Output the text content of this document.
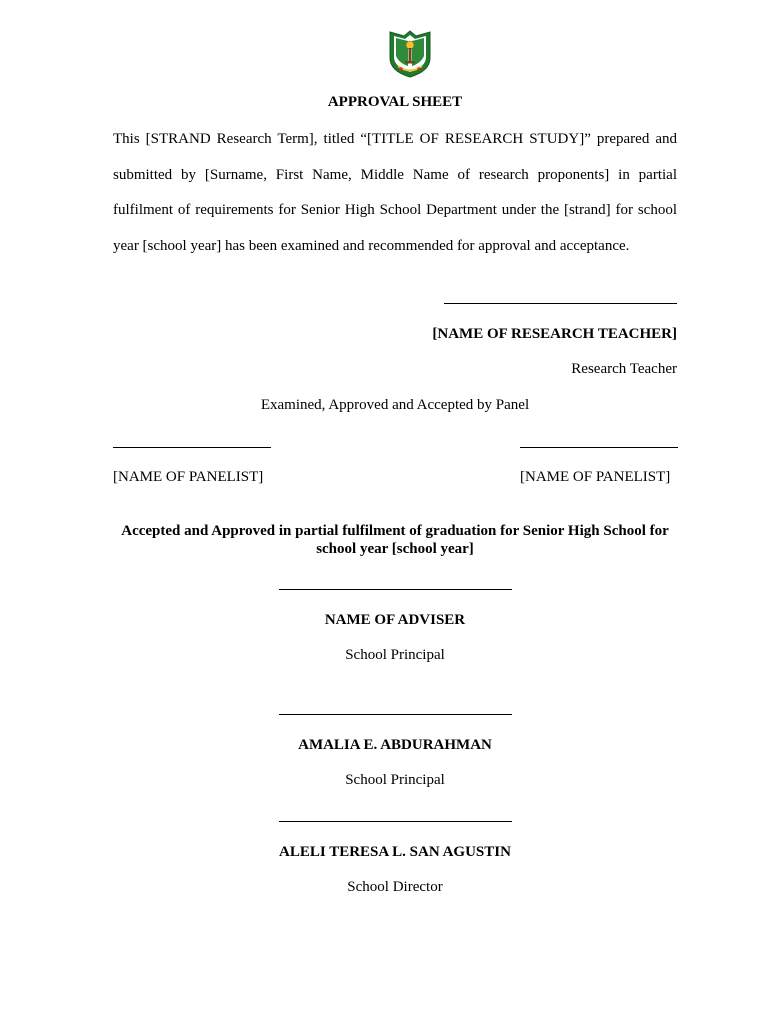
APPROVAL SHEET
This [STRAND Research Term], titled “[TITLE OF RESEARCH STUDY]” prepared and submitted by [Surname, First Name, Middle Name of research proponents] in partial fulfilment of requirements for Senior High School Department under the [strand] for school year [school year] has been examined and recommended for approval and acceptance.
[NAME OF RESEARCH TEACHER]
Research Teacher
Examined, Approved and Accepted by Panel
[NAME OF PANELIST]	[NAME OF PANELIST]
Accepted and Approved in partial fulfilment of graduation for Senior High School for school year [school year]
NAME OF ADVISER
School Principal
AMALIA E. ABDURAHMAN
School Principal
ALELI TERESA L. SAN AGUSTIN
School Director
